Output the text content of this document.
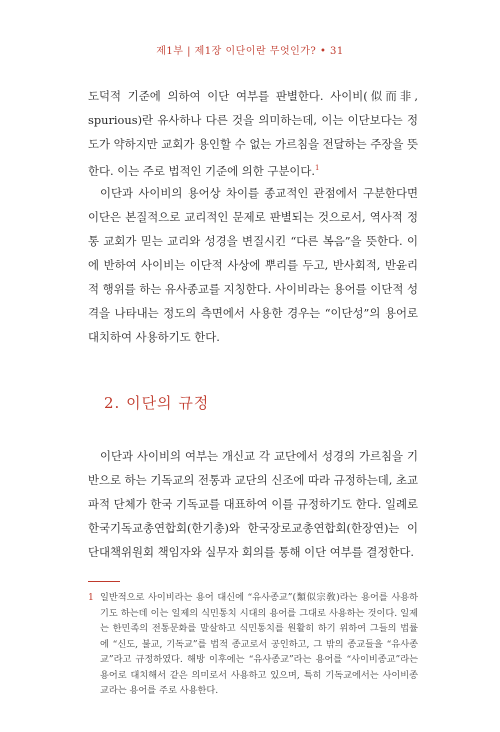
제1부 | 제1장 이단이란 무엇인가? • 31

도덕적 기준에 의하여 이단 여부를 판별한다. 사이비(似而非, spurious)란 유사하나 다른 것을 의미하는데, 이는 이단보다는 정도가 약하지만 교회가 용인할 수 없는 가르침을 전달하는 주장을 뜻한다. 이는 주로 법적인 기준에 의한 구분이다.$^1$

이단과 사이비의 용어상 차이를 종교적인 관점에서 구분한다면 이단은 본질적으로 교리적인 문제로 판별되는 것으로서, 역사적 정통 교회가 믿는 교리와 성경을 변질시킨 “다른 복음”을 뜻한다. 이에 반하여 사이비는 이단적 사상에 뿌리를 두고, 반사회적, 반윤리적 행위를 하는 유사종교를 지칭한다. 사이비라는 용어를 이단적 성격을 나타내는 정도의 측면에서 사용한 경우는 “이단성”의 용어로 대치하여 사용하기도 한다.

2. 이단의 규정

이단과 사이비의 여부는 개신교 각 교단에서 성경의 가르침을 기반으로 하는 기독교의 전통과 교단의 신조에 따라 규정하는데, 초교파적 단체가 한국 기독교를 대표하여 이를 규정하기도 한다. 일례로 한국기독교총연합회(한기총)와 한국장로교총연합회(한장연)는 이단대책위원회 책임자와 실무자 회의를 통해 이단 여부를 결정한다.

1 일반적으로 사이비라는 용어 대신에 “유사종교”(類似宗敎)라는 용어를 사용하기도 하는데 이는 일제의 식민통치 시대의 용어를 그대로 사용하는 것이다. 일제는 한민족의 전통문화를 말살하고 식민통치를 원활히 하기 위하여 그들의 법률에 “신도, 불교, 기독교”를 법적 종교로서 공인하고, 그 밖의 종교들을 “유사종교”라고 규정하였다. 해방 이후에는 “유사종교”라는 용어를 “사이비종교”라는 용어로 대치해서 같은 의미로서 사용하고 있으며, 특히 기독교에서는 사이비종교라는 용어를 주로 사용한다.
